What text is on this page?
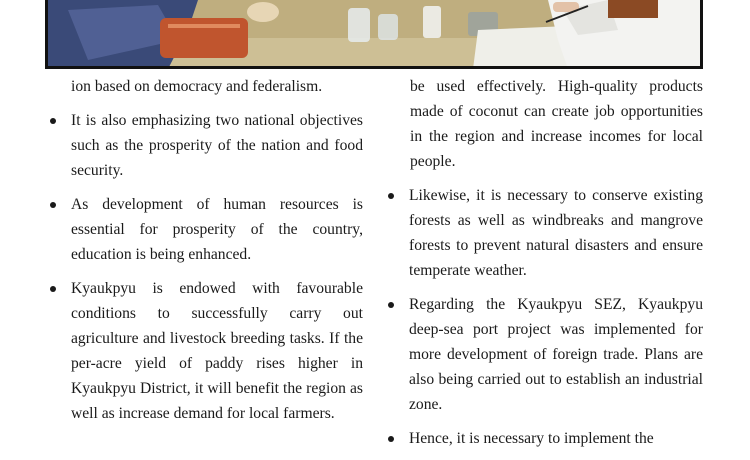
ion based on democracy and federalism.
It is also emphasizing two national objectives such as the prosperity of the nation and food security.
As development of human resources is essential for prosperity of the country, education is being enhanced.
Kyaukpyu is endowed with favourable conditions to successfully carry out agriculture and livestock breeding tasks. If the per-acre yield of paddy rises higher in Kyaukpyu District, it will benefit the region as well as increase demand for local farmers.
be used effectively. High-quality products made of coconut can create job opportunities in the region and increase incomes for local people.
Likewise, it is necessary to conserve existing forests as well as windbreaks and mangrove forests to prevent natural disasters and ensure temperate weather.
Regarding the Kyaukpyu SEZ, Kyaukpyu deep-sea port project was implemented for more development of foreign trade. Plans are also being carried out to establish an industrial zone.
Hence, it is necessary to implement the
